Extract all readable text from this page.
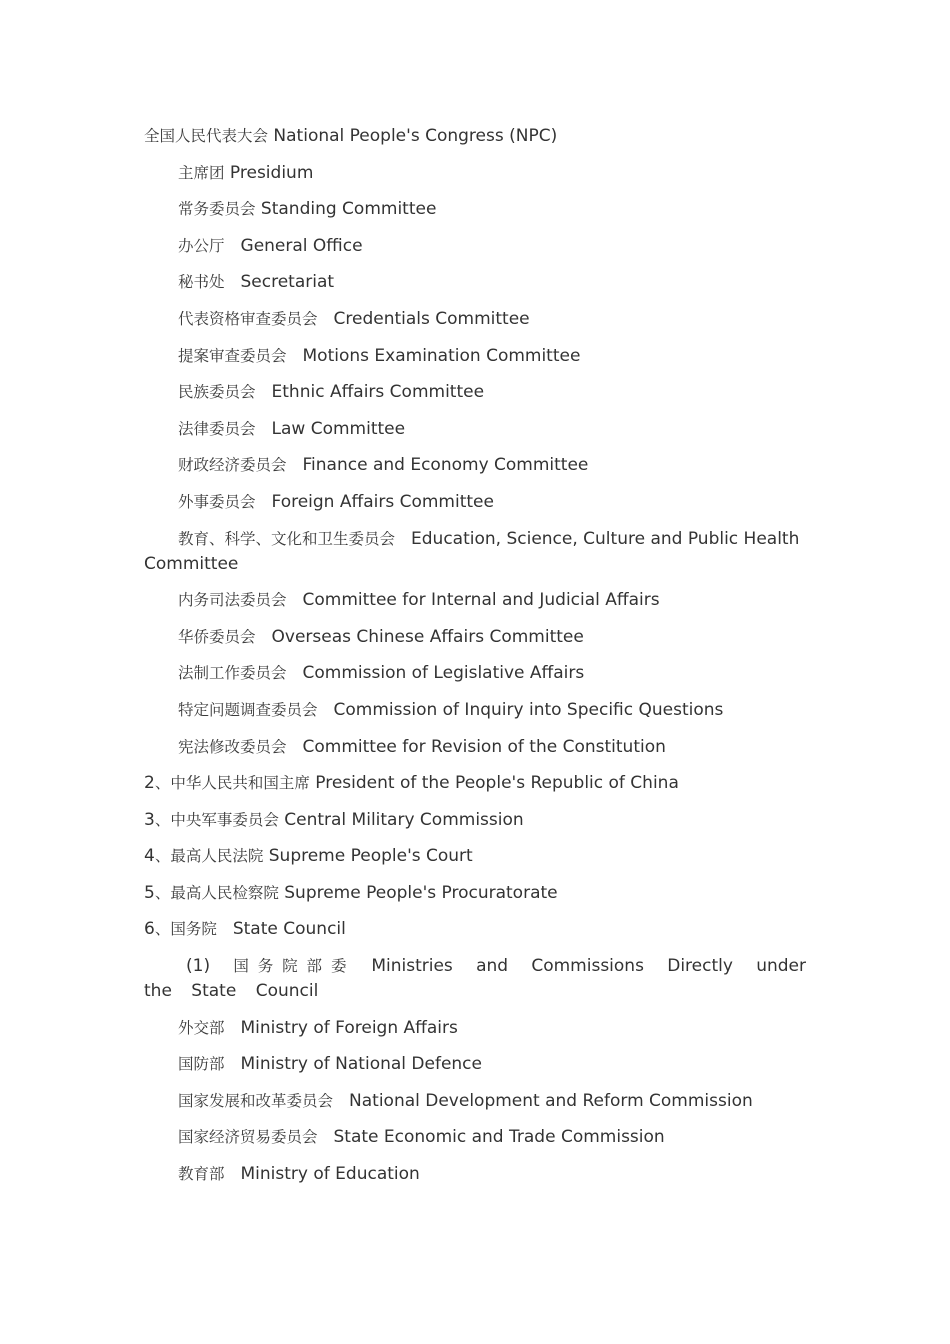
全国人民代表大会 National People's Congress (NPC)
主席团 Presidium
常务委员会 Standing Committee
办公厅 General Office
秘书处 Secretariat
代表资格审查委员会 Credentials Committee
提案审查委员会 Motions Examination Committee
民族委员会 Ethnic Affairs Committee
法律委员会 Law Committee
财政经济委员会 Finance and Economy Committee
外事委员会 Foreign Affairs Committee
教育、科学、文化和卫生委员会 Education, Science, Culture and Public Health Committee
内务司法委员会 Committee for Internal and Judicial Affairs
华侨委员会 Overseas Chinese Affairs Committee
法制工作委员会 Commission of Legislative Affairs
特定问题调查委员会 Commission of Inquiry into Specific Questions
宪法修改委员会 Committee for Revision of the Constitution
2、中华人民共和国主席 President of the People's Republic of China
3、中央军事委员会 Central Military Commission
4、最高人民法院 Supreme People's Court
5、最高人民检察院 Supreme People's Procuratorate
6、国务院 State Council
(1) 国务院部委 Ministries and Commissions Directly under the State Council
外交部 Ministry of Foreign Affairs
国防部 Ministry of National Defence
国家发展和改革委员会 National Development and Reform Commission
国家经济贸易委员会 State Economic and Trade Commission
教育部 Ministry of Education
